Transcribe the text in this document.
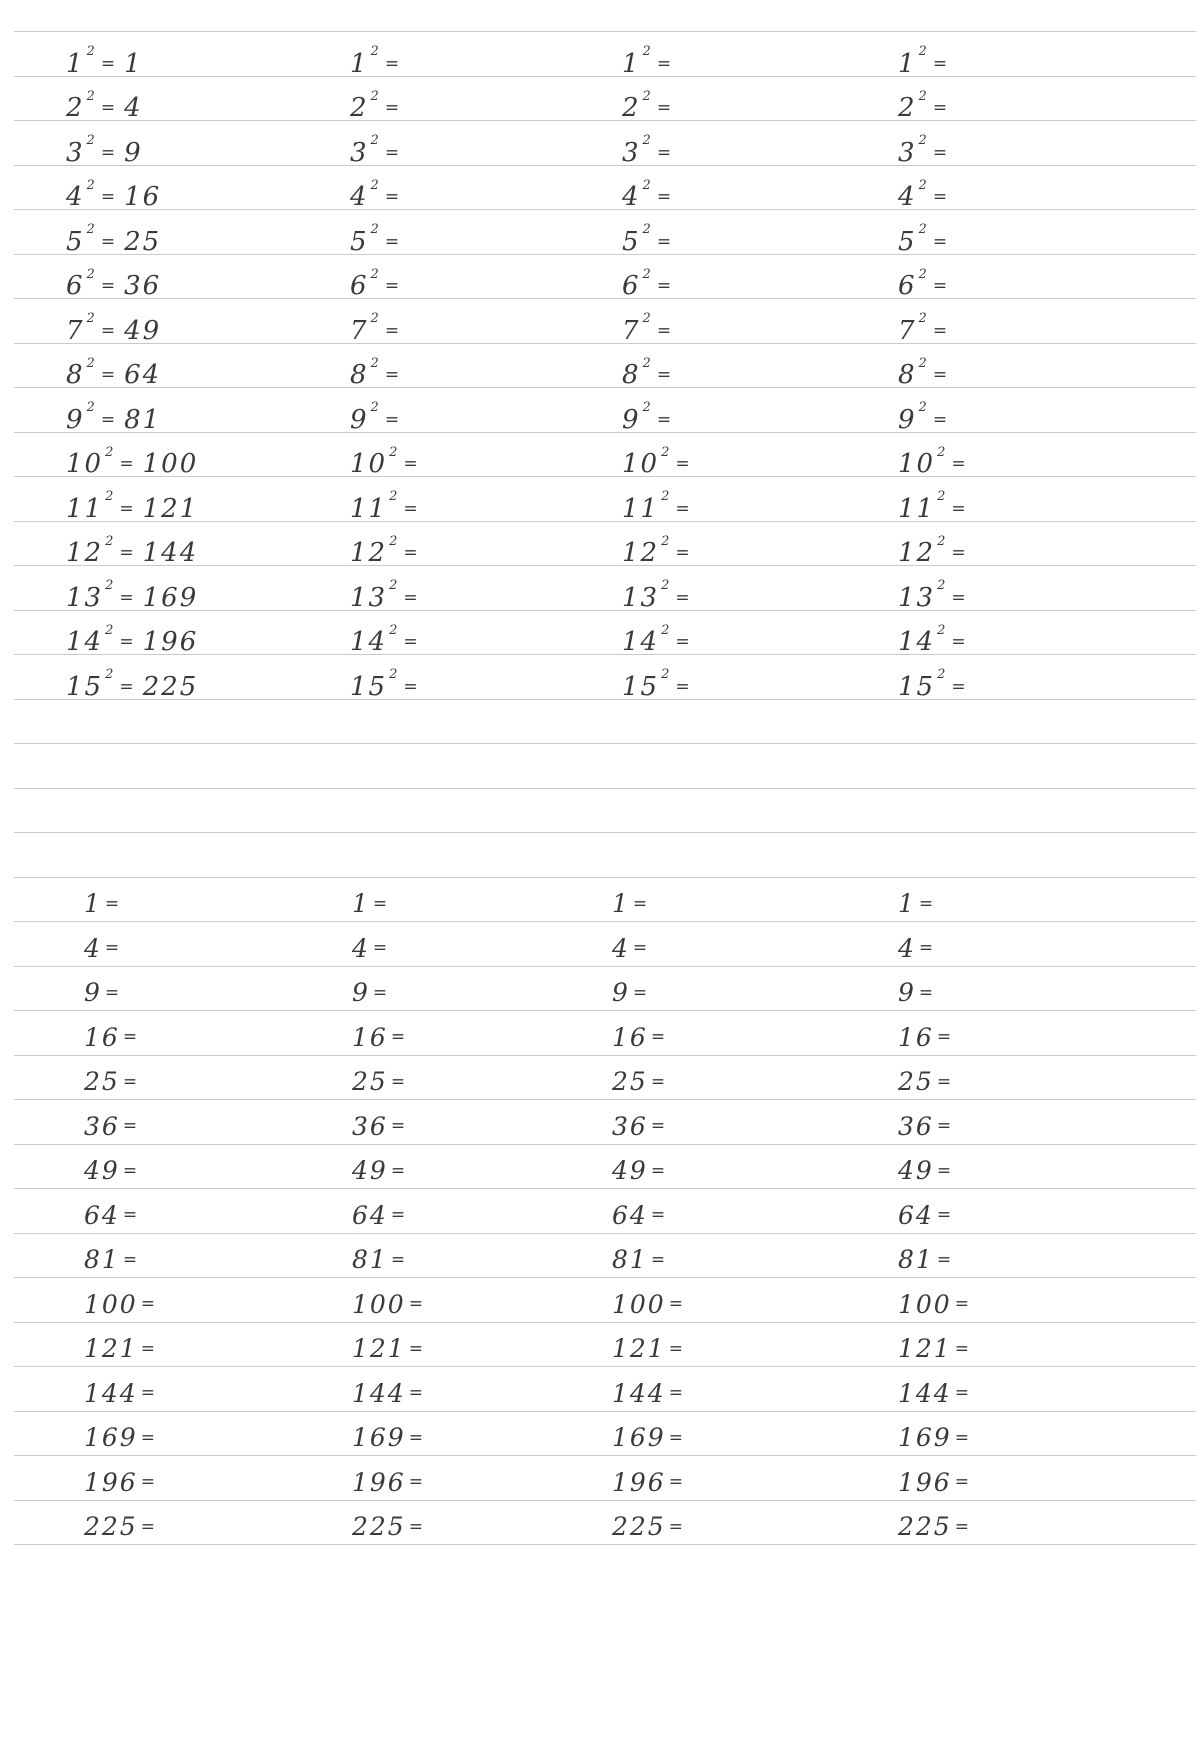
1 2
= 1
2 2
= 4
3 2
= 9
4 2
= 16
5 2
= 25
6 2
= 36
7 2
= 49
8 2
= 64
9 2
= 81
10 2
= 100
11 2
= 121
12 2
= 144
13 2
= 169
14 2
= 196
15 2
= 225
1 2
=
2 2
=
3 2
=
4 2
=
5 2
=
6 2
=
7 2
=
8 2
=
9 2
=
10 2
=
11 2
=
12 2
=
13 2
=
14 2
=
15 2
=
1 2
=
2 2
=
3 2
=
4 2
=
5 2
=
6 2
=
7 2
=
8 2
=
9 2
=
10 2
=
11 2
=
12 2
=
13 2
=
14 2
=
15 2
=
1 2
=
2 2
=
3 2
=
4 2
=
5 2
=
6 2
=
7 2
=
8 2
=
9 2
=
10 2
=
11 2
=
12 2
=
13 2
=
14 2
=
15 2
=
1 =
4 =
9 =
16 =
25 =
36 =
49 =
64 =
81 =
100 =
121 =
144 =
169 =
196 =
225 =
1 =
4 =
9 =
16 =
25 =
36 =
49 =
64 =
81 =
100 =
121 =
144 =
169 =
196 =
225 =
1 =
4 =
9 =
16 =
25 =
36 =
49 =
64 =
81 =
100 =
121 =
144 =
169 =
196 =
225 =
1 =
4 =
9 =
16 =
25 =
36 =
49 =
64 =
81 =
100 =
121 =
144 =
169 =
196 =
225 =
